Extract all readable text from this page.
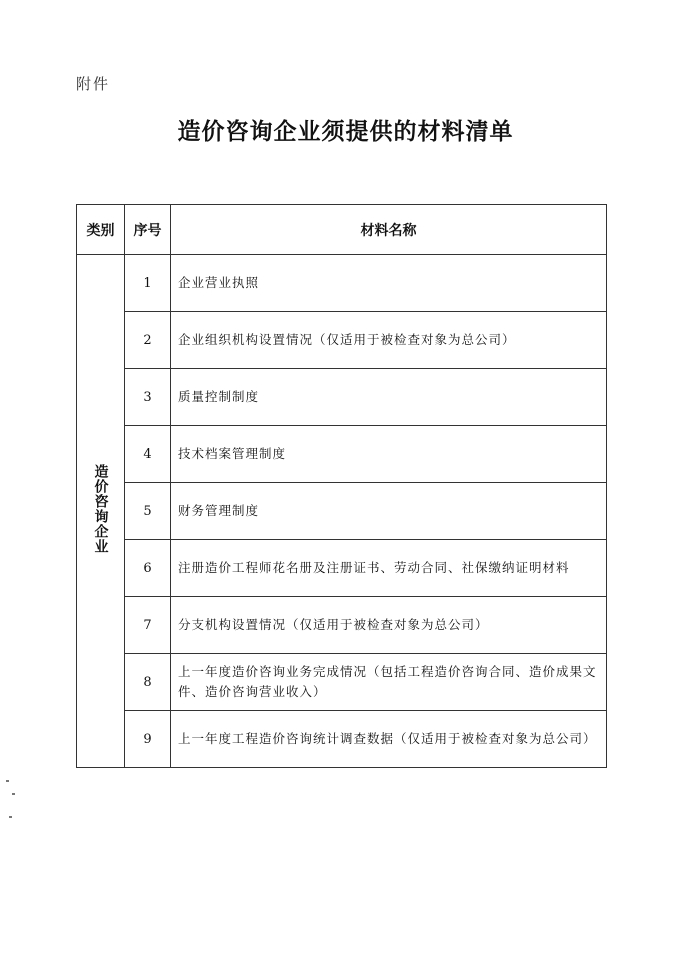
附件
造价咨询企业须提供的材料清单
类别	序号	材料名称
造价咨询企业	1	企业营业执照
	2	企业组织机构设置情况（仅适用于被检查对象为总公司）
	3	质量控制制度
	4	技术档案管理制度
	5	财务管理制度
	6	注册造价工程师花名册及注册证书、劳动合同、社保缴纳证明材料
	7	分支机构设置情况（仅适用于被检查对象为总公司）
	8	上一年度造价咨询业务完成情况（包括工程造价咨询合同、造价成果文件、造价咨询营业收入）
	9	上一年度工程造价咨询统计调查数据（仅适用于被检查对象为总公司）
